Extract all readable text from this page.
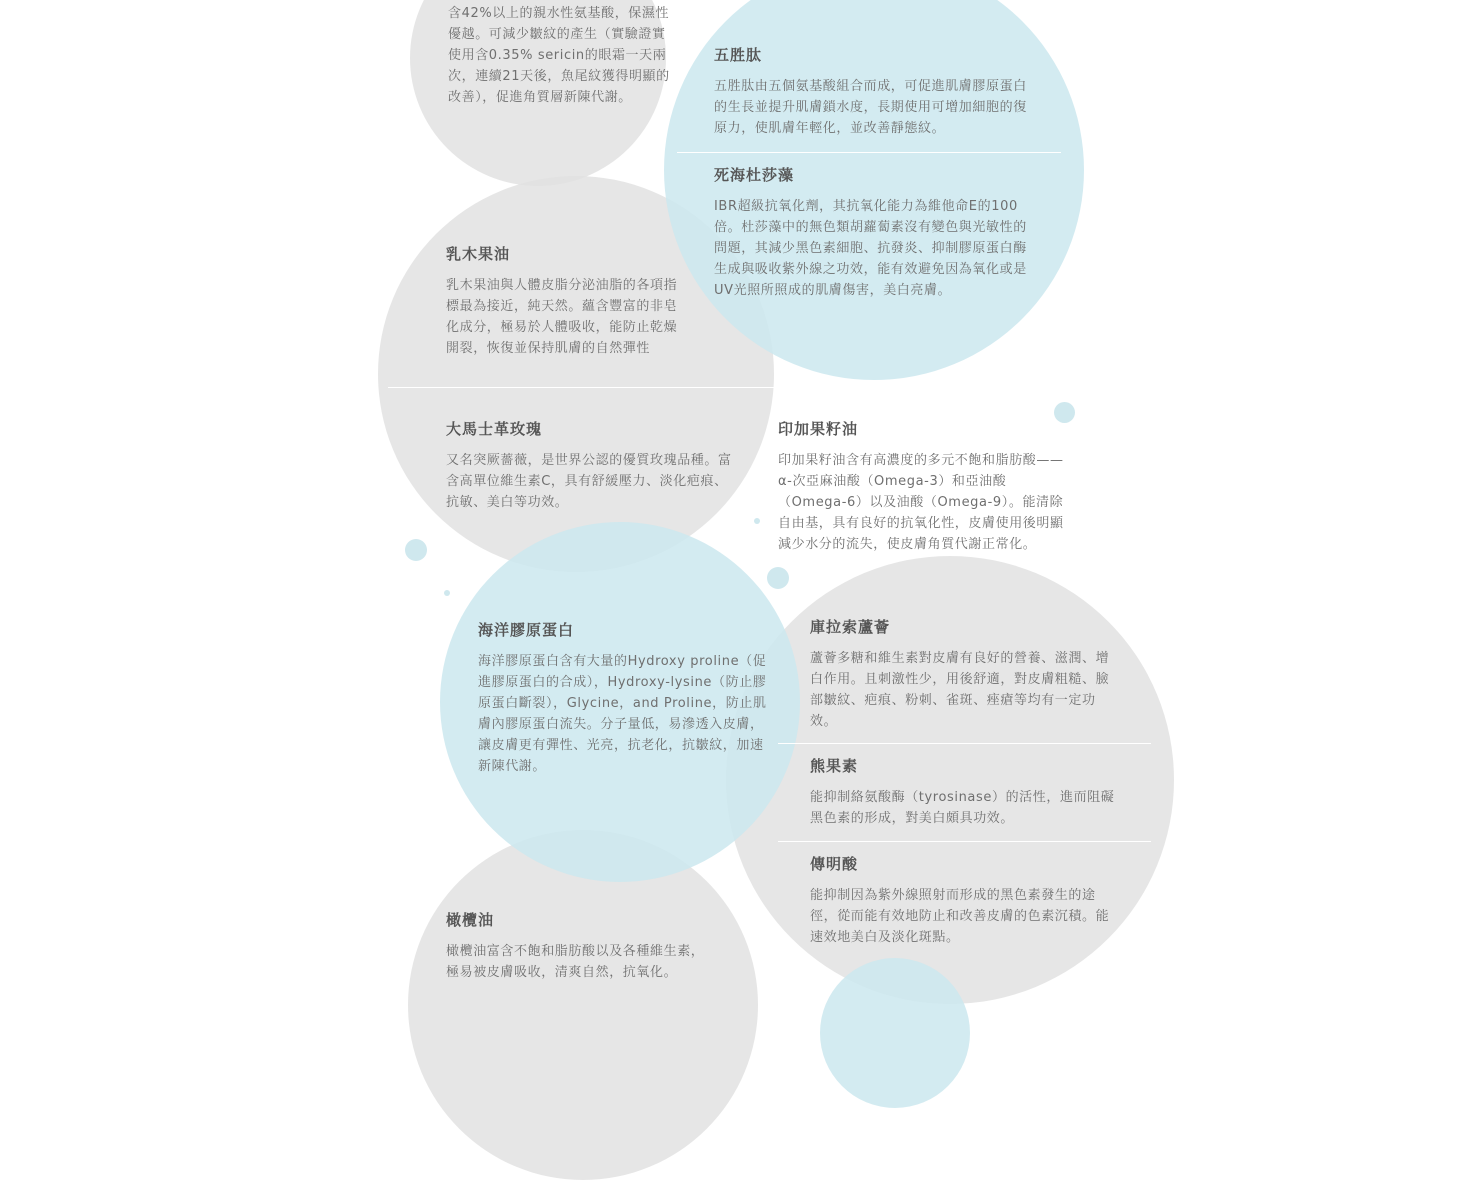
含42%以上的親水性氨基酸，保濕性優越。可減少皺紋的產生（實驗證實使用含0.35% sericin的眼霜一天兩次，連續21天後，魚尾紋獲得明顯的改善），促進角質層新陳代謝。

五胜肽

五胜肽由五個氨基酸組合而成，可促進肌膚膠原蛋白的生長並提升肌膚鎖水度，長期使用可增加細胞的復原力，使肌膚年輕化，並改善靜態紋。

死海杜莎藻

IBR超級抗氧化劑，其抗氧化能力為維他命E的100倍。杜莎藻中的無色類胡蘿蔔素沒有變色與光敏性的問題，其減少黑色素細胞、抗發炎、抑制膠原蛋白酶生成與吸收紫外線之功效，能有效避免因為氧化或是UV光照所照成的肌膚傷害，美白亮膚。

乳木果油

乳木果油與人體皮脂分泌油脂的各項指標最為接近，純天然。蘊含豐富的非皂化成分，極易於人體吸收，能防止乾燥開裂，恢復並保持肌膚的自然彈性

大馬士革玫瑰

又名突厥薔薇，是世界公認的優質玫瑰品種。富含高單位維生素C，具有舒緩壓力、淡化疤痕、抗敏、美白等功效。

印加果籽油

印加果籽油含有高濃度的多元不飽和脂肪酸——α-次亞麻油酸（Omega-3）和亞油酸（Omega-6）以及油酸（Omega-9）。能清除自由基，具有良好的抗氧化性，皮膚使用後明顯減少水分的流失，使皮膚角質代謝正常化。

海洋膠原蛋白

海洋膠原蛋白含有大量的Hydroxy proline（促進膠原蛋白的合成），Hydroxy-lysine（防止膠原蛋白斷裂），Glycine，and Proline，防止肌膚內膠原蛋白流失。分子量低，易滲透入皮膚，讓皮膚更有彈性、光亮，抗老化，抗皺紋，加速新陳代謝。

庫拉索蘆薈

蘆薈多糖和維生素對皮膚有良好的營養、滋潤、增白作用。且刺激性少，用後舒適，對皮膚粗糙、臉部皺紋、疤痕、粉刺、雀斑、痤瘡等均有一定功效。

熊果素

能抑制絡氨酸酶（tyrosinase）的活性，進而阻礙黑色素的形成，對美白頗具功效。

傳明酸

能抑制因為紫外線照射而形成的黑色素發生的途徑，從而能有效地防止和改善皮膚的色素沉積。能速效地美白及淡化斑點。

橄欖油

橄欖油富含不飽和脂肪酸以及各種維生素，極易被皮膚吸收，清爽自然，抗氧化。
